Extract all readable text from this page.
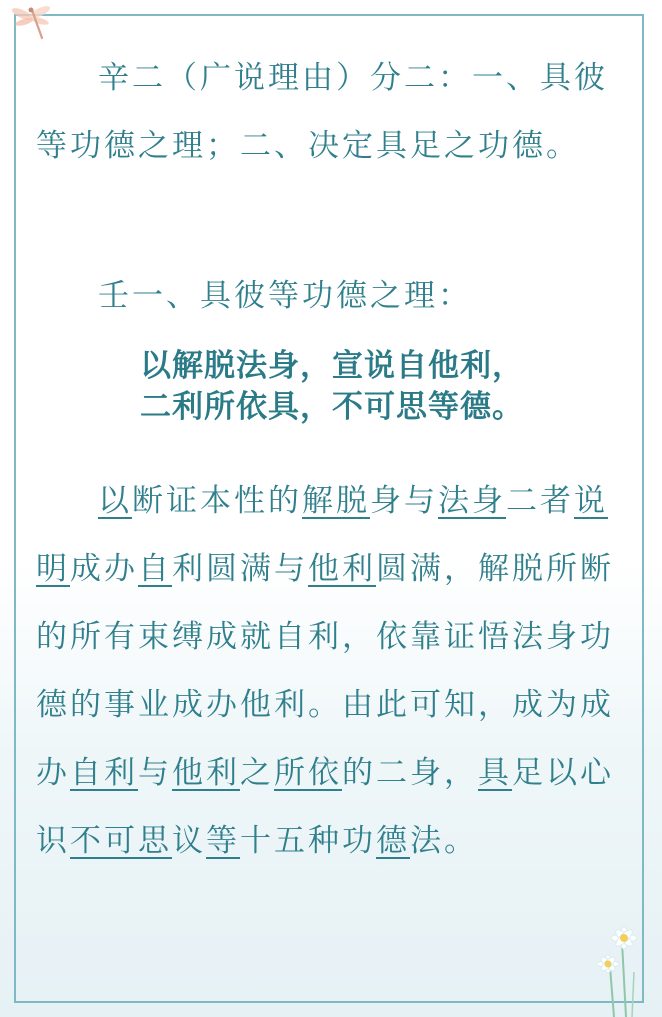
辛二（广说理由）分二：一、具彼等功德之理；二、决定具足之功德。

壬一、具彼等功德之理：

以解脱法身，宣说自他利，
二利所依具，不可思等德。

以断证本性的解脱身与法身二者说明成办自利圆满与他利圆满，解脱所断的所有束缚成就自利，依靠证悟法身功德的事业成办他利。由此可知，成为成办自利与他利之所依的二身，具足以心识不可思议等十五种功德法。
